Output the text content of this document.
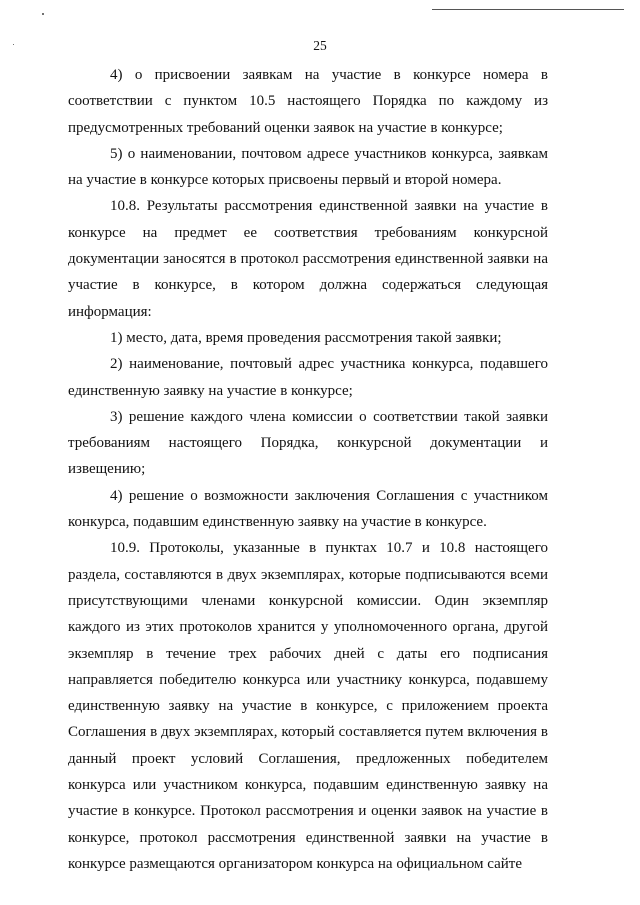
25

4) о присвоении заявкам на участие в конкурсе номера в соответствии с пунктом 10.5 настоящего Порядка по каждому из предусмотренных требований оценки заявок на участие в конкурсе;

5) о наименовании, почтовом адресе участников конкурса, заявкам на участие в конкурсе которых присвоены первый и второй номера.

10.8. Результаты рассмотрения единственной заявки на участие в конкурсе на предмет ее соответствия требованиям конкурсной документации заносятся в протокол рассмотрения единственной заявки на участие в конкурсе, в котором должна содержаться следующая информация:

1) место, дата, время проведения рассмотрения такой заявки;

2) наименование, почтовый адрес участника конкурса, подавшего единственную заявку на участие в конкурсе;

3) решение каждого члена комиссии о соответствии такой заявки требованиям настоящего Порядка, конкурсной документации и извещению;

4) решение о возможности заключения Соглашения с участником конкурса, подавшим единственную заявку на участие в конкурсе.

10.9. Протоколы, указанные в пунктах 10.7 и 10.8 настоящего раздела, составляются в двух экземплярах, которые подписываются всеми присутствующими членами конкурсной комиссии. Один экземпляр каждого из этих протоколов хранится у уполномоченного органа, другой экземпляр в течение трех рабочих дней с даты его подписания направляется победителю конкурса или участнику конкурса, подавшему единственную заявку на участие в конкурсе, с приложением проекта Соглашения в двух экземплярах, который составляется путем включения в данный проект условий Соглашения, предложенных победителем конкурса или участником конкурса, подавшим единственную заявку на участие в конкурсе. Протокол рассмотрения и оценки заявок на участие в конкурсе, протокол рассмотрения единственной заявки на участие в конкурсе размещаются организатором конкурса на официальном сайте
